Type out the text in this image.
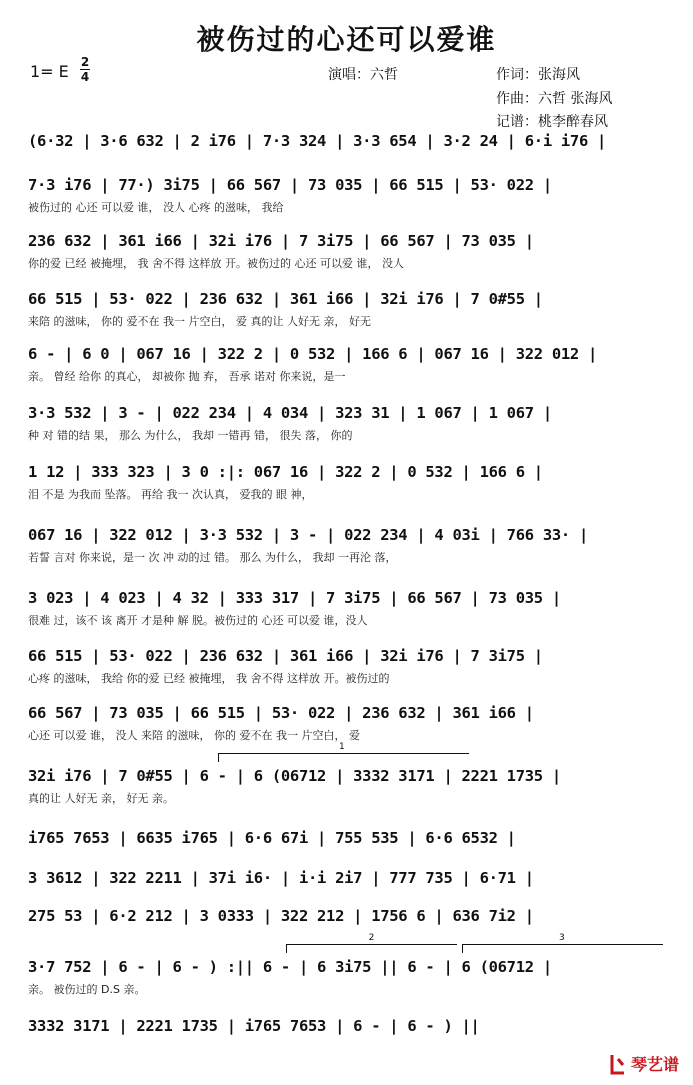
被伤过的心还可以爱谁
1= E 2
4	演唱：六哲	作词：张海风
作曲：六哲 张海风
记谱：桃李醉春风
(6·32 | 3·6 632 | 2 i76 | 7·3 324 | 3·3 654 | 3·2 24 | 6·i i76 |
7·3 i76 | 77·) 3i75 | 66 567 | 73 035 | 66 515 | 53· 022 |
被伤过的 心还 可以爱 谁， 没人 心疼 的滋味， 我给
236 632 | 361 i66 | 32i i76 | 7 3i75 | 66 567 | 73 035 |
你的爱 已经 被掩埋， 我 舍不得 这样放 开。被伤过的 心还 可以爱 谁， 没人
66 515 | 53· 022 | 236 632 | 361 i66 | 32i i76 | 7 0#55 |
来陪 的滋味， 你的 爱不在 我一 片空白， 爱 真的让 人好无 亲， 好无
6 - | 6 0 | 067 16 | 322 2 | 0 532 | 166 6 | 067 16 | 322 012 |
亲。 曾经 给你 的真心， 却被你 抛 弃， 吾承 诺对 你来说，是一
3·3 532 | 3 - | 022 234 | 4 034 | 323 31 | 1 067 | 1 067 |
种 对 错的结 果， 那么 为什么， 我却 一错再 错， 很失 落， 你的
1 12 | 333 323 | 3 0 :|: 067 16 | 322 2 | 0 532 | 166 6 |
泪 不是 为我而 坠落。 再给 我一 次认真， 爱我的 眼 神，
067 16 | 322 012 | 3·3 532 | 3 - | 022 234 | 4 03i | 766 33· |
若誓 言对 你来说，是一 次 冲 动的过 错。 那么 为什么， 我却 一再沦 落，
3 023 | 4 023 | 4 32 | 333 317 | 7 3i75 | 66 567 | 73 035 |
很难 过，该不 该 离开 才是种 解 脱。被伤过的 心还 可以爱 谁，没人
66 515 | 53· 022 | 236 632 | 361 i66 | 32i i76 | 7 3i75 |
心疼 的滋味， 我给 你的爱 已经 被掩埋， 我 舍不得 这样放 开。被伤过的
66 567 | 73 035 | 66 515 | 53· 022 | 236 632 | 361 i66 |
心还 可以爱 谁， 没人 来陪 的滋味， 你的 爱不在 我一 片空白， 爱
1
32i i76 | 7 0#55 | 6 - | 6 (06712 | 3332 3171 | 2221 1735 |
真的让 人好无 亲， 好无 亲。
i765 7653 | 6635 i765 | 6·6 67i | 755 535 | 6·6 6532 |
3 3612 | 322 2211 | 37i i6· | i·i 2i7 | 777 735 | 6·71 |
275 53 | 6·2 212 | 3 0333 | 322 212 | 1756 6 | 636 7i2 |
2	3
3·7 752 | 6 - | 6 - ) :|| 6 - | 6 3i75 || 6 - | 6 (06712 |
亲。 被伤过的 D.S 亲。
3332 3171 | 2221 1735 | i765 7653 | 6 - | 6 - ) ||
琴艺谱
